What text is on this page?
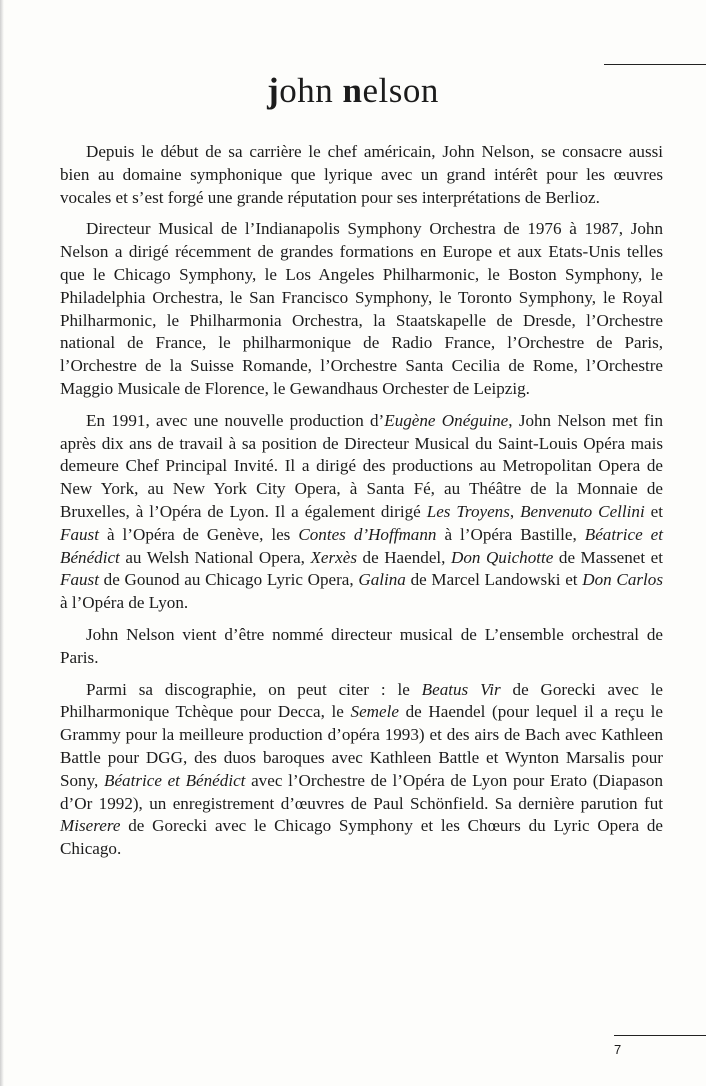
john nelson

Depuis le début de sa carrière le chef américain, John Nelson, se consacre aussi bien au domaine symphonique que lyrique avec un grand intérêt pour les œuvres vocales et s’est forgé une grande réputation pour ses interprétations de Berlioz.

Directeur Musical de l’Indianapolis Symphony Orchestra de 1976 à 1987, John Nelson a dirigé récemment de grandes formations en Europe et aux Etats-Unis telles que le Chicago Symphony, le Los Angeles Philharmonic, le Boston Symphony, le Philadelphia Orchestra, le San Francisco Symphony, le Toronto Symphony, le Royal Philharmonic, le Philharmonia Orchestra, la Staatskapelle de Dresde, l’Orchestre national de France, le philharmonique de Radio France, l’Orchestre de Paris, l’Orchestre de la Suisse Romande, l’Orchestre Santa Cecilia de Rome, l’Orchestre Maggio Musicale de Florence, le Gewandhaus Orchester de Leipzig.

En 1991, avec une nouvelle production d’Eugène Onéguine, John Nelson met fin après dix ans de travail à sa position de Directeur Musical du Saint-Louis Opéra mais demeure Chef Principal Invité. Il a dirigé des productions au Metropolitan Opera de New York, au New York City Opera, à Santa Fé, au Théâtre de la Monnaie de Bruxelles, à l’Opéra de Lyon. Il a également dirigé Les Troyens, Benvenuto Cellini et Faust à l’Opéra de Genève, les Contes d’Hoffmann à l’Opéra Bastille, Béatrice et Bénédict au Welsh National Opera, Xerxès de Haendel, Don Quichotte de Massenet et Faust de Gounod au Chicago Lyric Opera, Galina de Marcel Landowski et Don Carlos à l’Opéra de Lyon.

John Nelson vient d’être nommé directeur musical de L’ensemble orchestral de Paris.

Parmi sa discographie, on peut citer : le Beatus Vir de Gorecki avec le Philharmonique Tchèque pour Decca, le Semele de Haendel (pour lequel il a reçu le Grammy pour la meilleure production d’opéra 1993) et des airs de Bach avec Kathleen Battle pour DGG, des duos baroques avec Kathleen Battle et Wynton Marsalis pour Sony, Béatrice et Bénédict avec l’Orchestre de l’Opéra de Lyon pour Erato (Diapason d’Or 1992), un enregistrement d’œuvres de Paul Schönfield. Sa dernière parution fut Miserere de Gorecki avec le Chicago Symphony et les Chœurs du Lyric Opera de Chicago.

7
